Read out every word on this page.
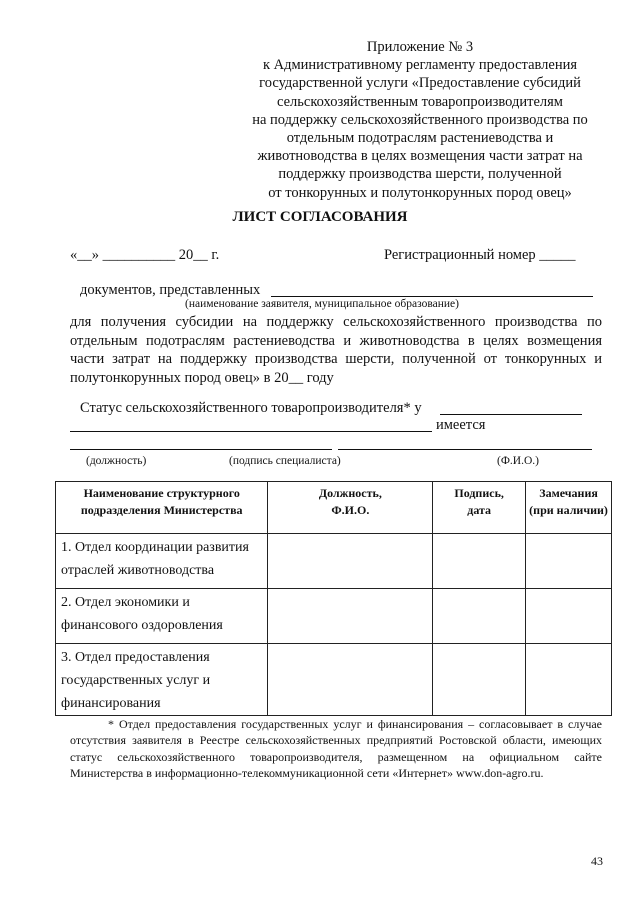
Приложение № 3
к Административному регламенту предоставления
государственной услуги «Предоставление субсидий
сельскохозяйственным товаропроизводителям
на поддержку сельскохозяйственного производства по
отдельным подотраслям растениеводства и
животноводства в целях возмещения части затрат на
поддержку производства шерсти, полученной
от тонкорунных и полутонкорунных пород овец»
ЛИСТ СОГЛАСОВАНИЯ
«__» __________ 20__ г.	Регистрационный номер _____
документов, представленных
(наименование заявителя, муниципальное образование)
для получения субсидии на поддержку сельскохозяйственного производства по отдельным подотраслям растениеводства и животноводства в целях возмещения части затрат на поддержку производства шерсти, полученной от тонкорунных и полутонкорунных пород овец» в 20__ году
Статус сельскохозяйственного товаропроизводителя* у
имеется
(должность)	(подпись специалиста)	(Ф.И.О.)
Наименование структурного подразделения Министерства	Должность, Ф.И.О.	Подпись, дата	Замечания (при наличии)
1. Отдел координации развития отраслей животноводства			
2. Отдел экономики и финансового оздоровления			
3. Отдел предоставления государственных услуг и финансирования			
* Отдел предоставления государственных услуг и финансирования – согласовывает в случае отсутствия заявителя в Реестре сельскохозяйственных предприятий Ростовской области, имеющих статус сельскохозяйственного товаропроизводителя, размещенном на официальном сайте Министерства в информационно-телекоммуникационной сети «Интернет» www.don-agro.ru.
43
